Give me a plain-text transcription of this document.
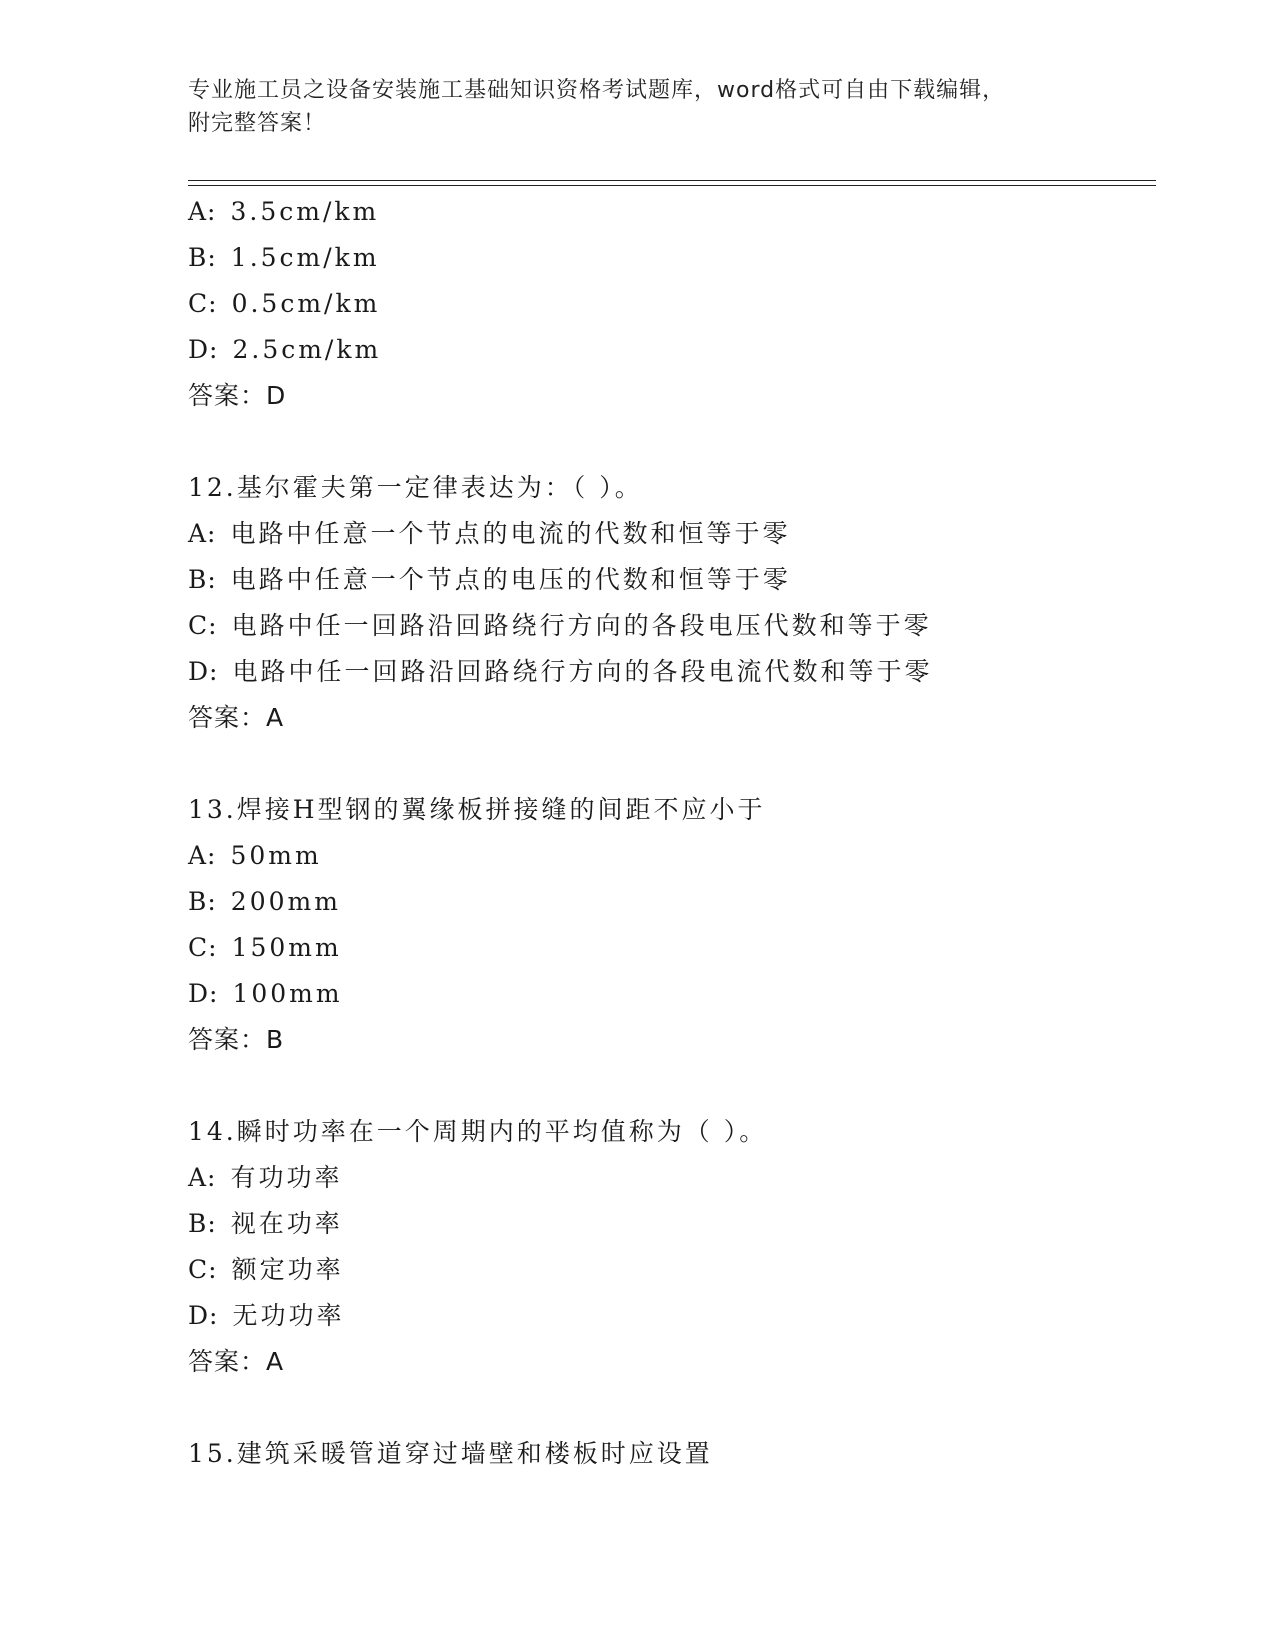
专业施工员之设备安装施工基础知识资格考试题库，word格式可自由下载编辑，
附完整答案！
A: 3.5cm/km
B: 1.5cm/km
C: 0.5cm/km
D: 2.5cm/km
答案：D
12.基尔霍夫第一定律表达为：（ ）。
A: 电路中任意一个节点的电流的代数和恒等于零
B: 电路中任意一个节点的电压的代数和恒等于零
C: 电路中任一回路沿回路绕行方向的各段电压代数和等于零
D: 电路中任一回路沿回路绕行方向的各段电流代数和等于零
答案：A
13.焊接H型钢的翼缘板拼接缝的间距不应小于
A: 50mm
B: 200mm
C: 150mm
D: 100mm
答案：B
14.瞬时功率在一个周期内的平均值称为（ ）。
A: 有功功率
B: 视在功率
C: 额定功率
D: 无功功率
答案：A
15.建筑采暖管道穿过墙壁和楼板时应设置
